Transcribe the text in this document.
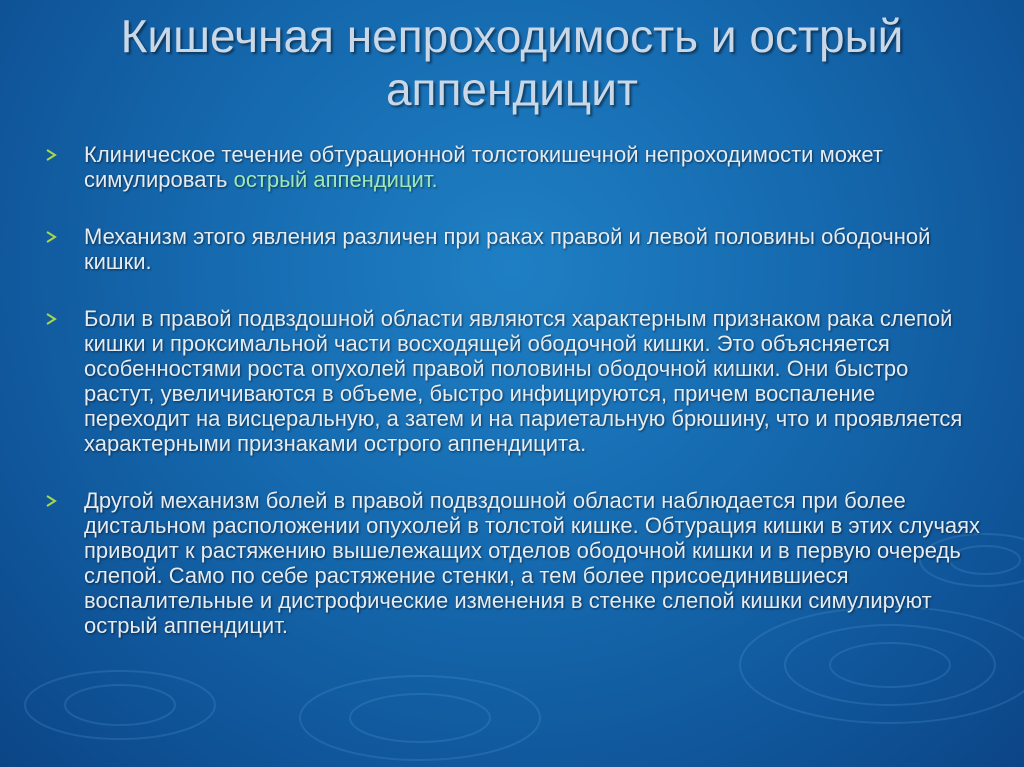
Кишечная непроходимость и острый аппендицит
Клиническое течение обтурационной толстокишечной непроходимости может симулировать острый аппендицит.
Механизм этого явления различен при раках правой и левой половины ободочной кишки.
Боли в правой подвздошной области являются характерным признаком рака слепой кишки и проксимальной части восходящей ободочной кишки. Это объясняется особенностями роста опухолей правой половины ободочной кишки. Они быстро растут, увеличиваются в объеме, быстро инфицируются, причем воспаление переходит на висцеральную, а затем и на париетальную брюшину, что и проявляется характерными признаками острого аппендицита.
Другой механизм болей в правой подвздошной области наблюдается при более дистальном расположении опухолей в толстой кишке. Обтурация кишки в этих случаях приводит к растяжению вышележащих отделов ободочной кишки и в первую очередь слепой. Само по себе растяжение стенки, а тем более присоединившиеся воспалительные и дистрофические изменения в стенке слепой кишки симулируют острый аппендицит.
